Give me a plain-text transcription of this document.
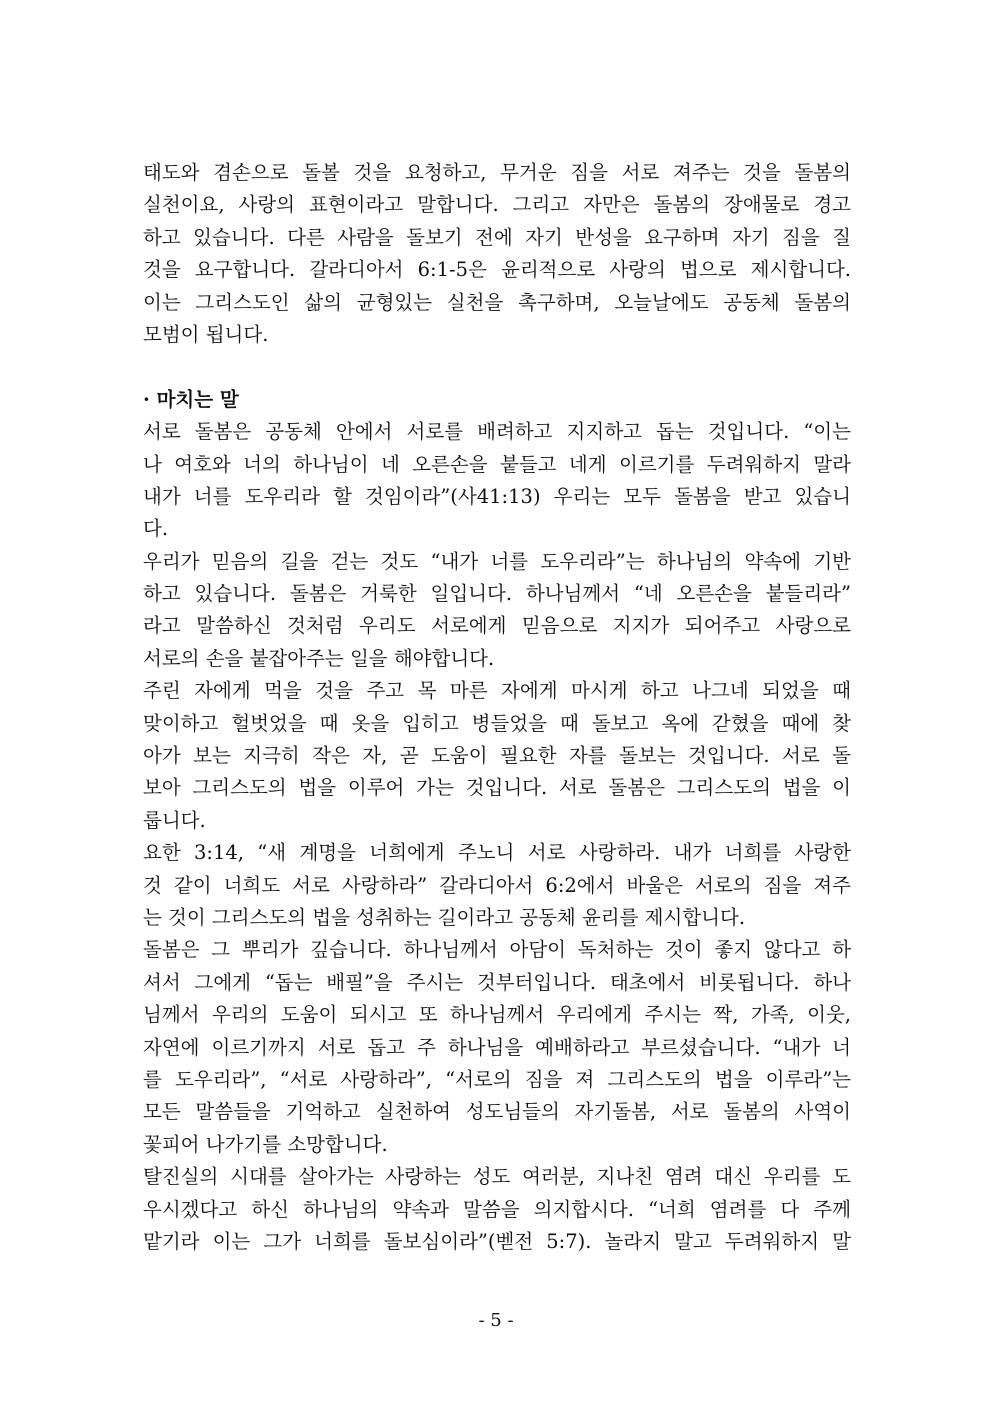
태도와 겸손으로 돌볼 것을 요청하고, 무거운 짐을 서로 져주는 것을 돌봄의
실천이요, 사랑의 표현이라고 말합니다. 그리고 자만은 돌봄의 장애물로 경고
하고 있습니다. 다른 사람을 돌보기 전에 자기 반성을 요구하며 자기 짐을 질
것을 요구합니다. 갈라디아서 6:1-5은 윤리적으로 사랑의 법으로 제시합니다.
이는 그리스도인 삶의 균형있는 실천을 촉구하며, 오늘날에도 공동체 돌봄의
모범이 됩니다.
· 마치는 말
서로 돌봄은 공동체 안에서 서로를 배려하고 지지하고 돕는 것입니다. “이는
나 여호와 너의 하나님이 네 오른손을 붙들고 네게 이르기를 두려워하지 말라
내가 너를 도우리라 할 것임이라”(사41:13) 우리는 모두 돌봄을 받고 있습니
다.
우리가 믿음의 길을 걷는 것도 “내가 너를 도우리라”는 하나님의 약속에 기반
하고 있습니다. 돌봄은 거룩한 일입니다. 하나님께서 “네 오른손을 붙들리라”
라고 말씀하신 것처럼 우리도 서로에게 믿음으로 지지가 되어주고 사랑으로
서로의 손을 붙잡아주는 일을 해야합니다.
주린 자에게 먹을 것을 주고 목 마른 자에게 마시게 하고 나그네 되었을 때
맞이하고 헐벗었을 때 옷을 입히고 병들었을 때 돌보고 옥에 갇혔을 때에 찾
아가 보는 지극히 작은 자, 곧 도움이 필요한 자를 돌보는 것입니다. 서로 돌
보아 그리스도의 법을 이루어 가는 것입니다. 서로 돌봄은 그리스도의 법을 이
룹니다.
요한 3:14, “새 계명을 너희에게 주노니 서로 사랑하라. 내가 너희를 사랑한
것 같이 너희도 서로 사랑하라” 갈라디아서 6:2에서 바울은 서로의 짐을 져주
는 것이 그리스도의 법을 성취하는 길이라고 공동체 윤리를 제시합니다.
돌봄은 그 뿌리가 깊습니다. 하나님께서 아담이 독처하는 것이 좋지 않다고 하
셔서 그에게 “돕는 배필”을 주시는 것부터입니다. 태초에서 비롯됩니다. 하나
님께서 우리의 도움이 되시고 또 하나님께서 우리에게 주시는 짝, 가족, 이웃,
자연에 이르기까지 서로 돕고 주 하나님을 예배하라고 부르셨습니다. “내가 너
를 도우리라”, “서로 사랑하라”, “서로의 짐을 져 그리스도의 법을 이루라”는
모든 말씀들을 기억하고 실천하여 성도님들의 자기돌봄, 서로 돌봄의 사역이
꽃피어 나가기를 소망합니다.
탈진실의 시대를 살아가는 사랑하는 성도 여러분, 지나친 염려 대신 우리를 도
우시겠다고 하신 하나님의 약속과 말씀을 의지합시다. “너희 염려를 다 주께
맡기라 이는 그가 너희를 돌보심이라”(벧전 5:7). 놀라지 말고 두려워하지 말
- 5 -
